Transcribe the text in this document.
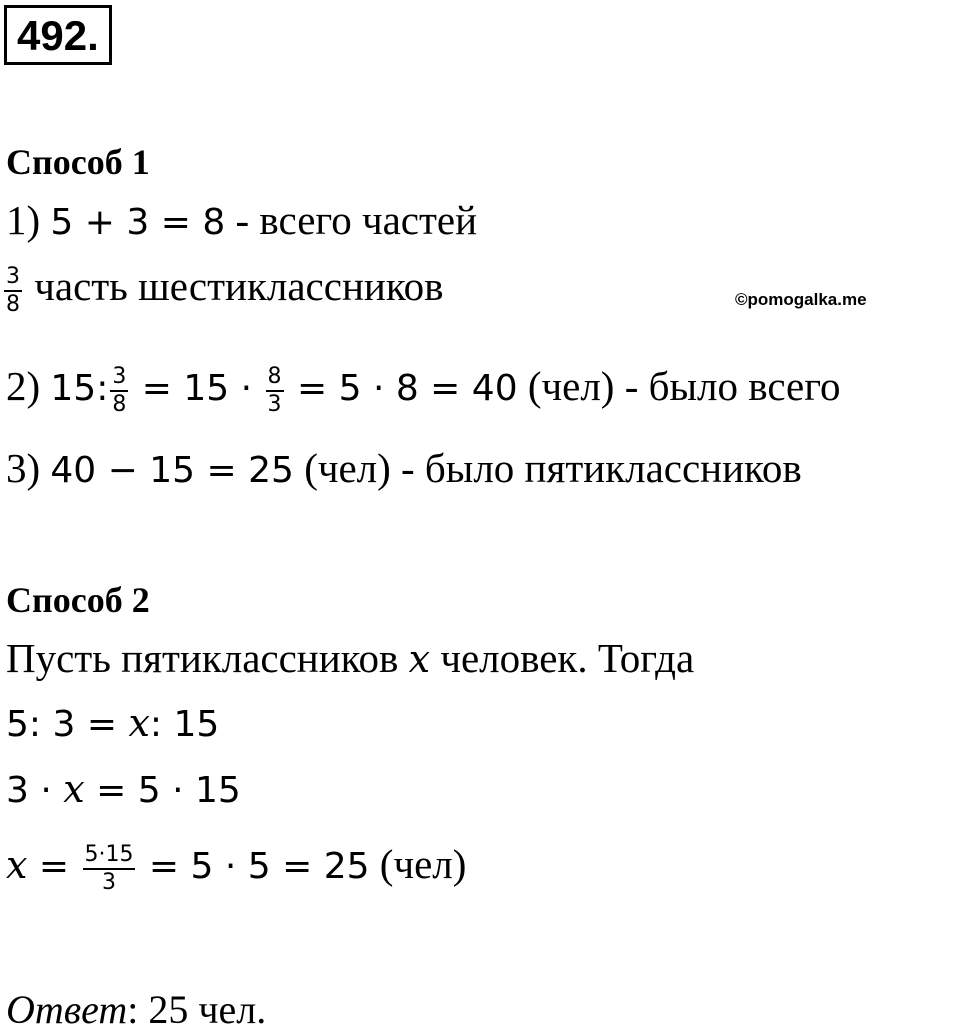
492.
Способ 1
1) 5 + 3 = 8 - всего частей
$\frac{3}{8}$ часть шестиклассников	©pomogalka.me
2) 15: $\frac{3}{8} = 15 \cdot \frac{8}{3} = 5 \cdot 8 = 40$ (чел) - было всего
3) 40 − 15 = 25 (чел) - было пятиклассников
Способ 2
Пусть пятиклассников x человек. Тогда
5: 3 = x: 15
3 · x = 5 · 15
$x = \frac{5\cdot 15}{3} = 5 \cdot 5 = 25$ (чел)
Ответ: 25 чел.
